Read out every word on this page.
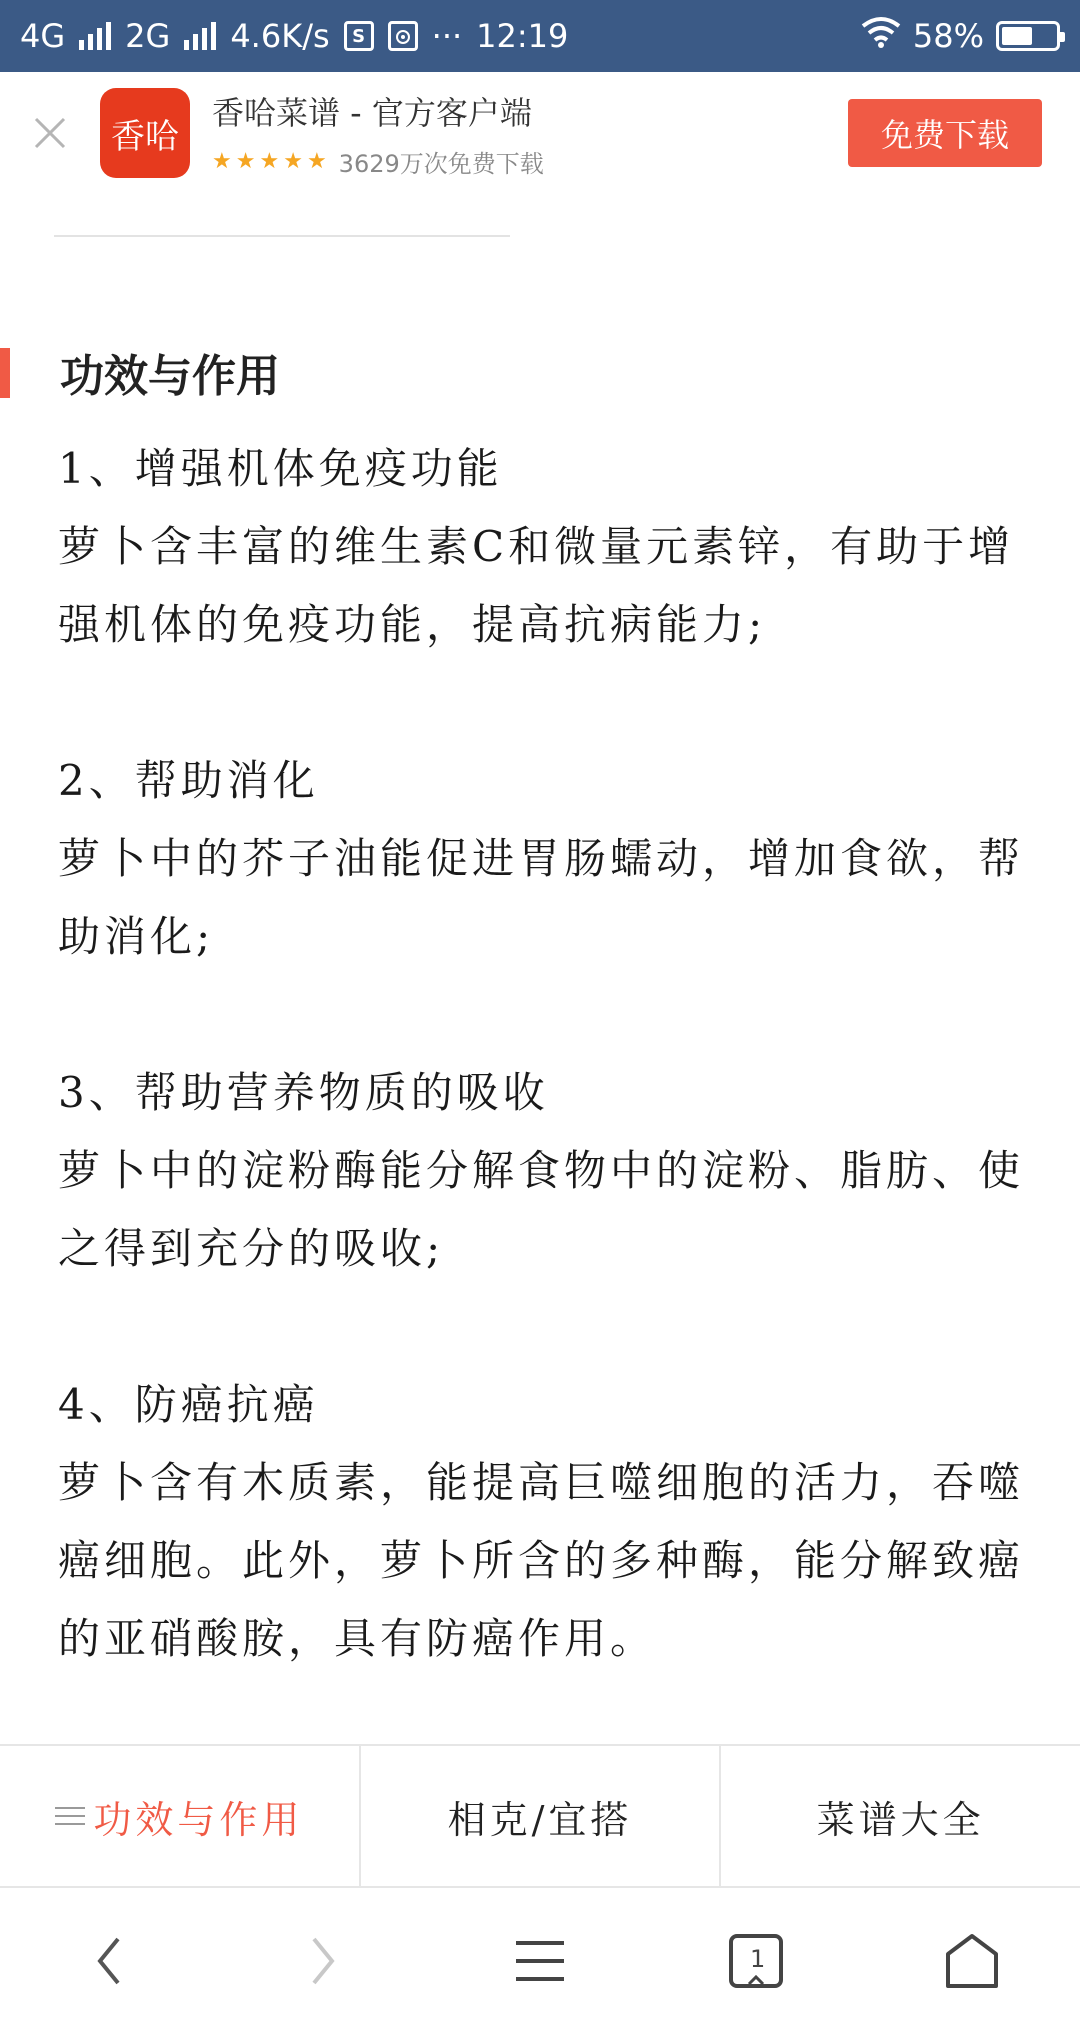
4G 2G 4.6K/s	S ··· 12:19	58%
香哈
香哈菜谱 - 官方客户端
★ ★ ★ ★ ★ 3629万次免费下载
免费下载
功效与作用
1、增强机体免疫功能
萝卜含丰富的维生素C和微量元素锌，有助于增强机体的免疫功能，提高抗病能力;
2、帮助消化
萝卜中的芥子油能促进胃肠蠕动，增加食欲，帮助消化;
3、帮助营养物质的吸收
萝卜中的淀粉酶能分解食物中的淀粉、脂肪、使之得到充分的吸收;
4、防癌抗癌
萝卜含有木质素，能提高巨噬细胞的活力，吞噬癌细胞。此外，萝卜所含的多种酶，能分解致癌的亚硝酸胺，具有防癌作用。
功效与作用	相克/宜搭	菜谱大全
1
